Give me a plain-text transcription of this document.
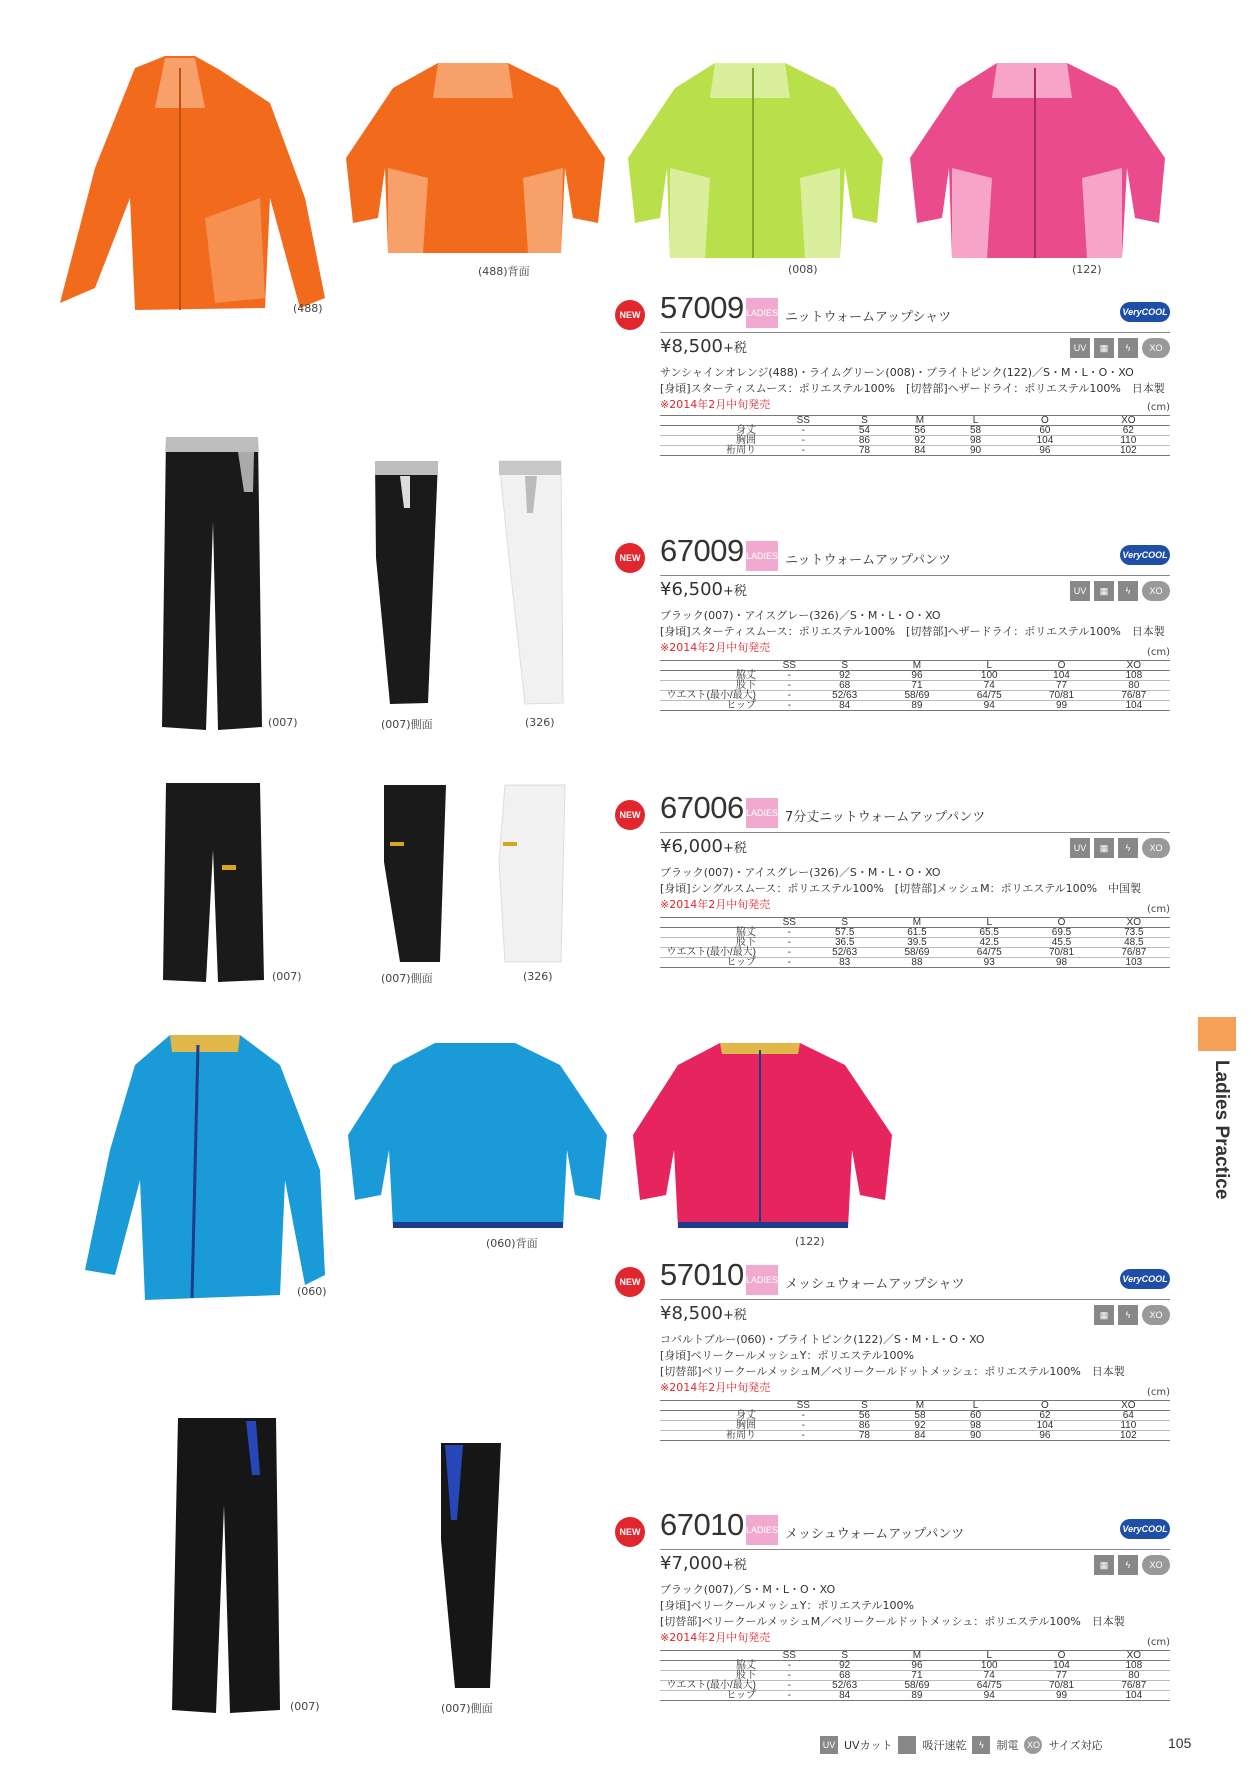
(488)
(488)背面	(008)	(122)
(007)	(007)側面	(326)
(007)	(007)側面	(326)
(060)
(060)背面	(122)
(007)	(007)側面
NEW 57009 LADIES ニットウォームアップシャツ	VeryCOOL
¥8,500+税	UV	▦	ϟ	XO
サンシャインオレンジ(488)・ライムグリーン(008)・ブライトピンク(122)／S・M・L・O・XO
[身頃]スターティスムース：ポリエステル100%　[切替部]ヘザードライ：ポリエステル100%　日本製
※2014年2月中旬発売	(cm)
	SS	S	M	L	O	XO
身丈	-	54	56	58	60	62
胸囲	-	86	92	98	104	110
裄周り	-	78	84	90	96	102
NEW 67009 LADIES ニットウォームアップパンツ	VeryCOOL
¥6,500+税	UV	▦	ϟ	XO
ブラック(007)・アイスグレー(326)／S・M・L・O・XO
[身頃]スターティスムース：ポリエステル100%　[切替部]ヘザードライ：ポリエステル100%　日本製
※2014年2月中旬発売	(cm)
	SS	S	M	L	O	XO
脇丈	-	92	96	100	104	108
股下	-	68	71	74	77	80
ウエスト(最小/最大)	-	52/63	58/69	64/75	70/81	76/87
ヒップ	-	84	89	94	99	104
NEW 67006 LADIES 7分丈ニットウォームアップパンツ
¥6,000+税	UV	▦	ϟ	XO
ブラック(007)・アイスグレー(326)／S・M・L・O・XO
[身頃]シングルスムース：ポリエステル100%　[切替部]メッシュM：ポリエステル100%　中国製
※2014年2月中旬発売	(cm)
	SS	S	M	L	O	XO
脇丈	-	57.5	61.5	65.5	69.5	73.5
股下	-	36.5	39.5	42.5	45.5	48.5
ウエスト(最小/最大)	-	52/63	58/69	64/75	70/81	76/87
ヒップ	-	83	88	93	98	103
NEW 57010 LADIES メッシュウォームアップシャツ	VeryCOOL
¥8,500+税	▦	ϟ	XO
コバルトブルー(060)・ブライトピンク(122)／S・M・L・O・XO
[身頃]ベリークールメッシュY：ポリエステル100%
[切替部]ベリークールメッシュM／ベリークールドットメッシュ：ポリエステル100%　日本製
※2014年2月中旬発売	(cm)
	SS	S	M	L	O	XO
身丈	-	56	58	60	62	64
胸囲	-	86	92	98	104	110
裄周り	-	78	84	90	96	102
NEW 67010 LADIES メッシュウォームアップパンツ	VeryCOOL
¥7,000+税	▦	ϟ	XO
ブラック(007)／S・M・L・O・XO
[身頃]ベリークールメッシュY：ポリエステル100%
[切替部]ベリークールメッシュM／ベリークールドットメッシュ：ポリエステル100%　日本製
※2014年2月中旬発売	(cm)
	SS	S	M	L	O	XO
脇丈	-	92	96	100	104	108
股下	-	68	71	74	77	80
ウエスト(最小/最大)	-	52/63	58/69	64/75	70/81	76/87
ヒップ	-	84	89	94	99	104
Ladies Practice
UV UVカット	吸汗速乾	ϟ	制電 XO サイズ対応	105
